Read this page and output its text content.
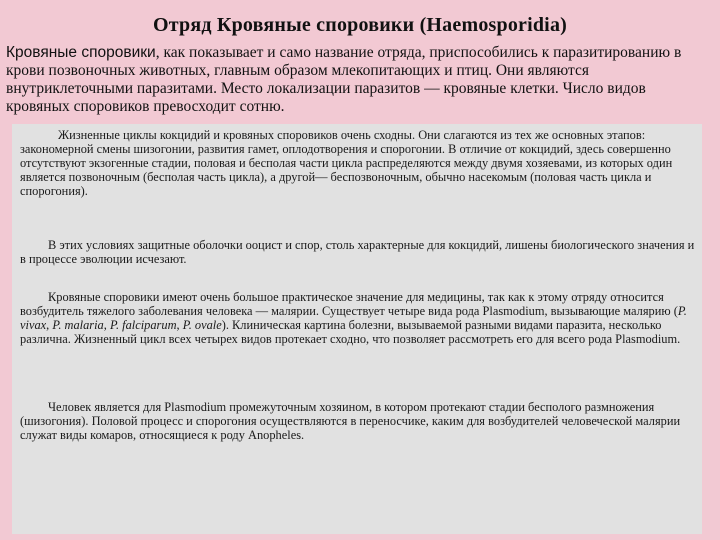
Отряд Кровяные споровики (Haemosporidia)
Кровяные споровики, как показывает и само название отряда, приспособились к паразитированию в крови позвоночных животных, главным образом млекопитающих и птиц. Они являются внутриклеточными паразитами. Место локализации паразитов — кровяные клетки. Число видов кровяных споровиков превосходит сотню.
Жизненные циклы кокцидий и кровяных споровиков очень сходны. Они слагаются из тех же основных этапов: закономерной смены шизогонии, развития гамет, оплодотворения и спорогонии. В отличие от кокцидий, здесь совершенно отсутствуют экзогенные стадии, половая и бесполая части цикла распределяются между двумя хозяевами, из которых один является позвоночным (бесполая часть цикла), а другой— беспозвоночным, обычно насекомым (половая часть цикла и спорогония).
В этих условиях защитные оболочки ооцист и спор, столь характерные для кокцидий, лишены биологического значения и в процессе эволюции исчезают.
Кровяные споровики имеют очень большое практическое значение для медицины, так как к этому отряду относится возбудитель тяжелого заболевания человека — малярии. Существует четыре вида рода Plasmodium, вызывающие малярию (P. vivax, P. malaria, P. falciparum, P. ovale). Клиническая картина болезни, вызываемой разными видами паразита, несколько различна. Жизненный цикл всех четырех видов протекает сходно, что позволяет рассмотреть его для всего рода Plasmodium.
Человек является для Plasmodium промежуточным хозяином, в котором протекают стадии бесполого размножения (шизогония). Половой процесс и спорогония осуществляются в переносчике, каким для возбудителей человеческой малярии служат виды комаров, относящиеся к роду Anopheles.
